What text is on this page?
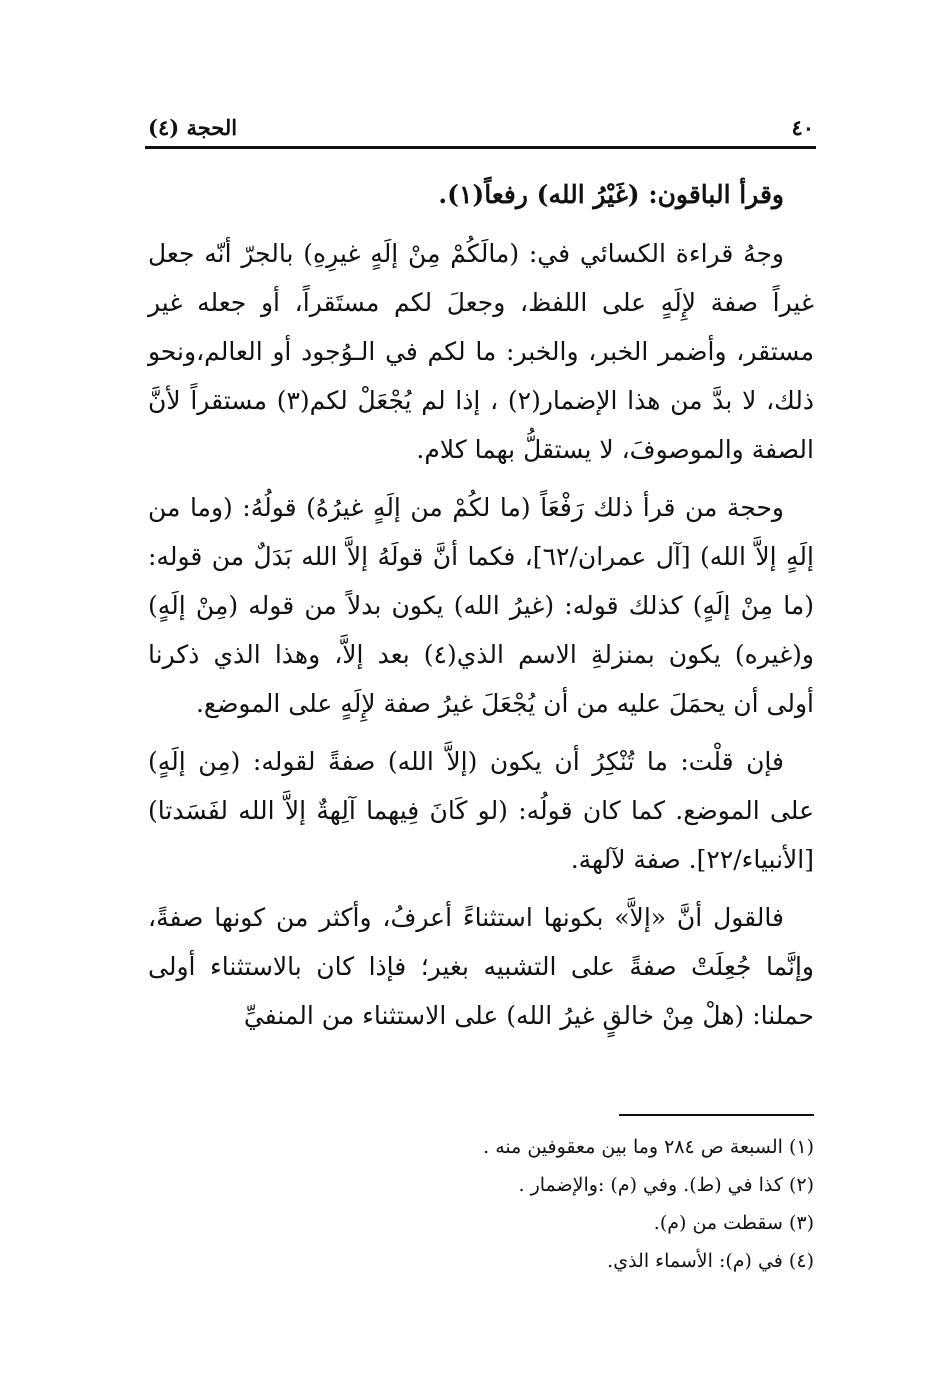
٤٠
الحجة (٤)

وقرأ الباقون: (غَيْرُ الله) رفعاً(١).

وجهُ قراءة الكسائي في: (مالَكُمْ مِنْ إلَهٍ غيرِهِ) بالجرّ أنّه جعل غيراً صفة لإِلَهٍ على اللفظ، وجعلَ لكم مستَقراً، أو جعله غير مستقر، وأضمر الخبر، والخبر: ما لكم في الـوُجود أو العالم،ونحو ذلك، لا بدَّ من هذا الإضمار(٢) ، إذا لم يُجْعَلْ لكم(٣) مستقراً لأنَّ الصفة والموصوفَ، لا يستقلُّ بهما كلام.

وحجة من قرأ ذلك رَفْعَاً (ما لكُمْ من إلَهٍ غيرُهُ) قولُهُ: (وما من إلَهٍ إلاَّ الله) [آل عمران/٦٢]، فكما أنَّ قولَهُ إلاَّ الله بَدَلٌ من قوله: (ما مِنْ إلَهٍ) كذلك قوله: (غيرُ الله) يكون بدلاً من قوله (مِنْ إلَهٍ) و(غيره) يكون بمنزلةِ الاسم الذي(٤) بعد إلاَّ، وهذا الذي ذكرنا أولى أن يحمَلَ عليه من أن يُجْعَلَ غيرُ صفة لإِلَهٍ على الموضع.

فإن قلْت: ما تُنْكِرُ أن يكون (إلاَّ الله) صفةً لقوله: (مِن إلَهٍ) على الموضع. كما كان قولُه: (لو كَانَ فِيهما آلِهةٌ إلاَّ الله لفَسَدتا) [الأنبياء/٢٢]. صفة لآلهة.

فالقول أنَّ «إلاَّ» بكونها استثناءً أعرفُ، وأكثر من كونها صفةً، وإنَّما جُعِلَتْ صفةً على التشبيه بغير؛ فإذا كان بالاستثناء أولى حملنا: (هلْ مِنْ خالقٍ غيرُ الله) على الاستثناء من المنفيِّ

(١) السبعة ص ٢٨٤ وما بين معقوفين منه .
(٢) كذا في (ط). وفي (م) :والإضمار .
(٣) سقطت من (م).
(٤) في (م): الأسماء الذي.
